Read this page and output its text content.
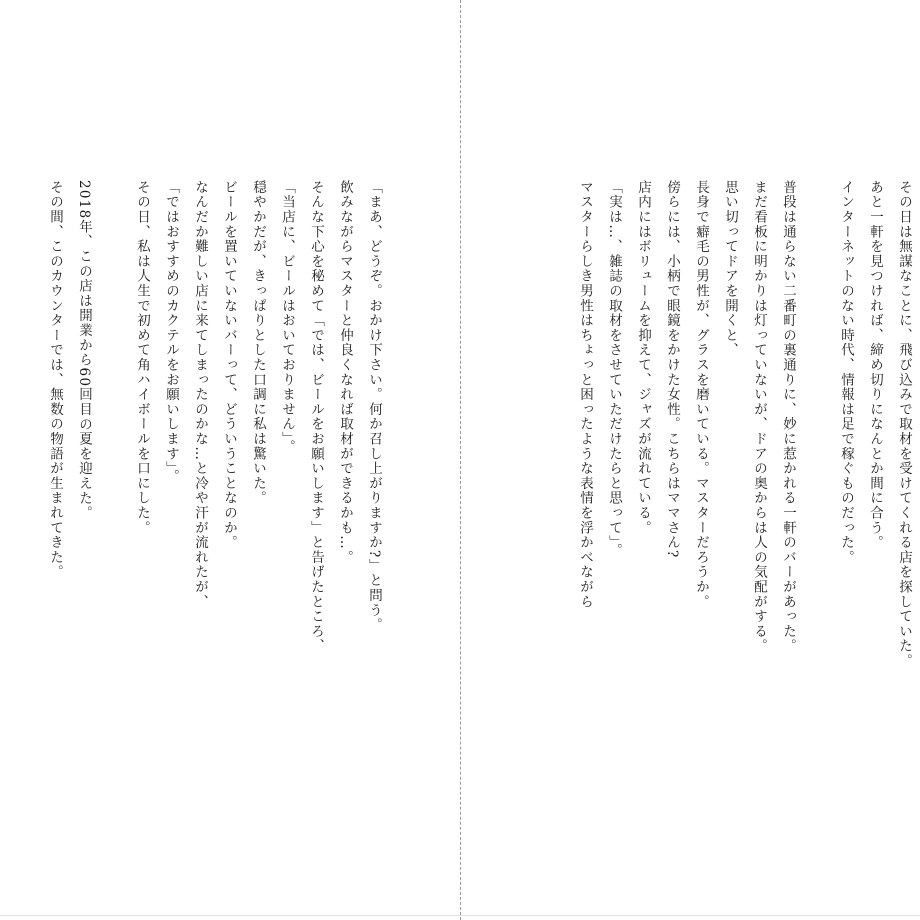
その日は無謀なことに、飛び込みで取材を受けてくれる店を探していた。
あと一軒を見つければ、締め切りになんとか間に合う。
インターネットのない時代、情報は足で稼ぐものだった。

普段は通らない二番町の裏通りに、妙に惹かれる一軒のバーがあった。
まだ看板に明かりは灯っていないが、ドアの奥からは人の気配がする。
思い切ってドアを開くと、
長身で癖毛の男性が、グラスを磨いている。マスターだろうか。
傍らには、小柄で眼鏡をかけた女性。こちらはママさん?
店内にはボリュームを抑えて、ジャズが流れている。
「実は…、雑誌の取材をさせていただけたらと思って」。
マスターらしき男性はちょっと困ったような表情を浮かべながら
「まあ、どうぞ。おかけ下さい。何か召し上がりますか?」と問う。
飲みながらマスターと仲良くなれば取材ができるかも…。
そんな下心を秘めて「では、ビールをお願いします」と告げたところ、
「当店に、ビールはおいておりません」。
穏やかだが、きっぱりとした口調に私は驚いた。
ビールを置いていないバーって、どういうことなのか。
なんだか難しい店に来てしまったのかな…と冷や汗が流れたが、
「ではおすすめのカクテルをお願いします」。
その日、私は人生で初めて角ハイボールを口にした。

2018年、この店は開業から60回目の夏を迎えた。
その間、このカウンターでは、無数の物語が生まれてきた。
